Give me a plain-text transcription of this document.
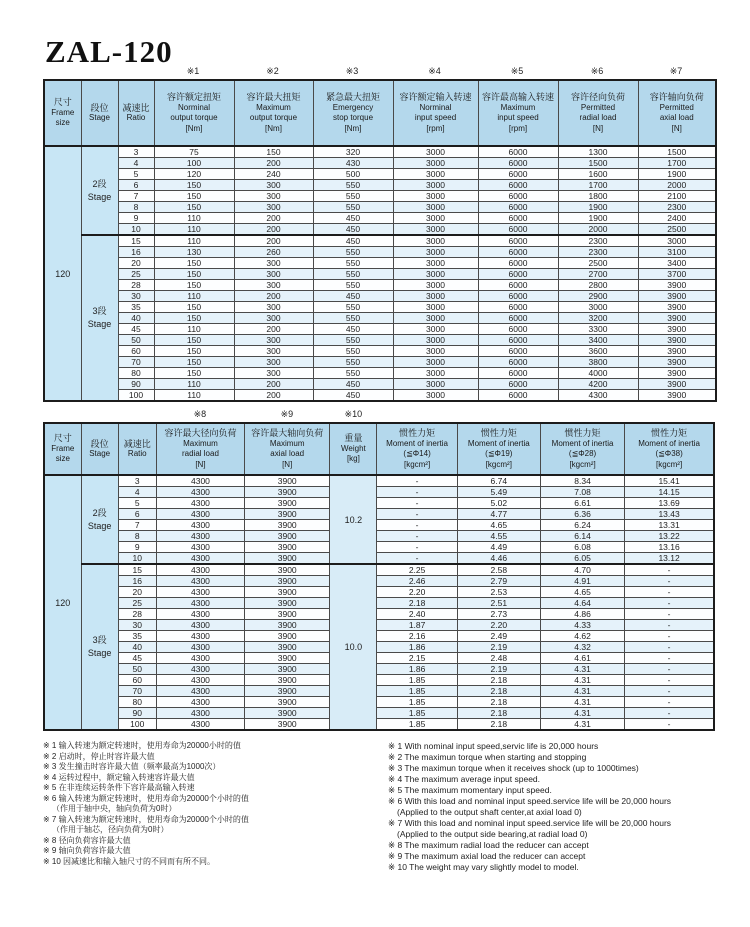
ZAL-120
			※1	※2	※3	※4	※5	※6	※7
尺寸
Frame
size

段位
Stage

减速比
Ratio

容许额定扭矩
Norminal
output torque
[Nm]

容许最大扭矩
Maximum
output torque
[Nm]

紧急最大扭矩
Emergency
stop torque
[Nm]

容许额定输入转速
Norminal
input speed
[rpm]

容许最高输入转速
Maximum
input speed
[rpm]

容许径向负荷
Permitted
radial load
[N]

容许轴向负荷
Permitted
axial load
[N]

120	2段
Stage	3	75	150	320	3000	6000	1300	1500
		4	100	200	430	3000	6000	1500	1700
		5	120	240	500	3000	6000	1600	1900
		6	150	300	550	3000	6000	1700	2000
		7	150	300	550	3000	6000	1800	2100
		8	150	300	550	3000	6000	1900	2300
		9	110	200	450	3000	6000	1900	2400
		10	110	200	450	3000	6000	2000	2500

	3段
Stage	15	110	200	450	3000	6000	2300	3000
		16	130	260	550	3000	6000	2300	3100
		20	150	300	550	3000	6000	2500	3400
		25	150	300	550	3000	6000	2700	3700
		28	150	300	550	3000	6000	2800	3900
		30	110	200	450	3000	6000	2900	3900
		35	150	300	550	3000	6000	3000	3900
		40	150	300	550	3000	6000	3200	3900
		45	110	200	450	3000	6000	3300	3900
		50	150	300	550	3000	6000	3400	3900
		60	150	300	550	3000	6000	3600	3900
		70	150	300	550	3000	6000	3800	3900
		80	150	300	550	3000	6000	4000	3900
		90	110	200	450	3000	6000	4200	3900
		100	110	200	450	3000	6000	4300	3900
			※8	※9	※10				
尺寸
Frame
size

段位
Stage

减速比
Ratio

容许最大径向负荷
Maximum
radial load
[N]

容许最大轴向负荷
Maximum
axial load
[N]

重量
Weight
[kg]

惯性力矩
Moment of inertia
(≦Φ14)
[kgcm²]

惯性力矩
Moment of inertia
(≦Φ19)
[kgcm²]

惯性力矩
Moment of inertia
(≦Φ28)
[kgcm²]

惯性力矩
Moment of inertia
(≦Φ38)
[kgcm²]

120	2段
Stage	3	4300	3900	10.2	-	6.74	8.34	15.41
		4	4300	3900		-	5.49	7.08	14.15
		5	4300	3900		-	5.02	6.61	13.69
		6	4300	3900		-	4.77	6.36	13.43
		7	4300	3900		-	4.65	6.24	13.31
		8	4300	3900		-	4.55	6.14	13.22
		9	4300	3900		-	4.49	6.08	13.16
		10	4300	3900		-	4.46	6.05	13.12

	3段
Stage	15	4300	3900	10.0	2.25	2.58	4.70	-
		16	4300	3900		2.46	2.79	4.91	-
		20	4300	3900		2.20	2.53	4.65	-
		25	4300	3900		2.18	2.51	4.64	-
		28	4300	3900		2.40	2.73	4.86	-
		30	4300	3900		1.87	2.20	4.33	-
		35	4300	3900		2.16	2.49	4.62	-
		40	4300	3900		1.86	2.19	4.32	-
		45	4300	3900		2.15	2.48	4.61	-
		50	4300	3900		1.86	2.19	4.31	-
		60	4300	3900		1.85	2.18	4.31	-
		70	4300	3900		1.85	2.18	4.31	-
		80	4300	3900		1.85	2.18	4.31	-
		90	4300	3900		1.85	2.18	4.31	-
		100	4300	3900		1.85	2.18	4.31	-
※ 1 输入转速为额定转速时，使用寿命为20000小时的值
※ 2 启动时，停止时容许最大值
※ 3 发生撞击时容许最大值（频率最高为1000次）
※ 4 运转过程中，额定输入转速容许最大值
※ 5 在非连续运转条件下容许最高输入转速
※ 6 输入转速为额定转速时，使用寿命为20000个小时的值
（作用于轴中央，轴向负荷为0时）
※ 7 输入转速为额定转速时，使用寿命为20000个小时的值
（作用于轴芯，径向负荷为0时）
※ 8 径向负荷容许最大值
※ 9 轴向负荷容许最大值
※ 10 因减速比和输入轴尺寸的不同而有所不同。
※ 1 With nominal input speed,servic life is 20,000 hours
※ 2 The maximun torque when starting and stopping
※ 3 The maximun torque when it receives shock (up to 1000times)
※ 4 The maximum average input speed.
※ 5 The maximum momentary input speed.
※ 6 With this load and nominal input speed.service life will be 20,000 hours
(Applied to the output shaft center,at axial load 0)
※ 7 With this load and nominal input speed.service life will be 20,000 hours
(Applied to the output side bearing,at radial load 0)
※ 8 The maximum radial load the reducer can accept
※ 9 The maximum axial load the reducer can accept
※ 10 The weight may vary slightly model to model.
